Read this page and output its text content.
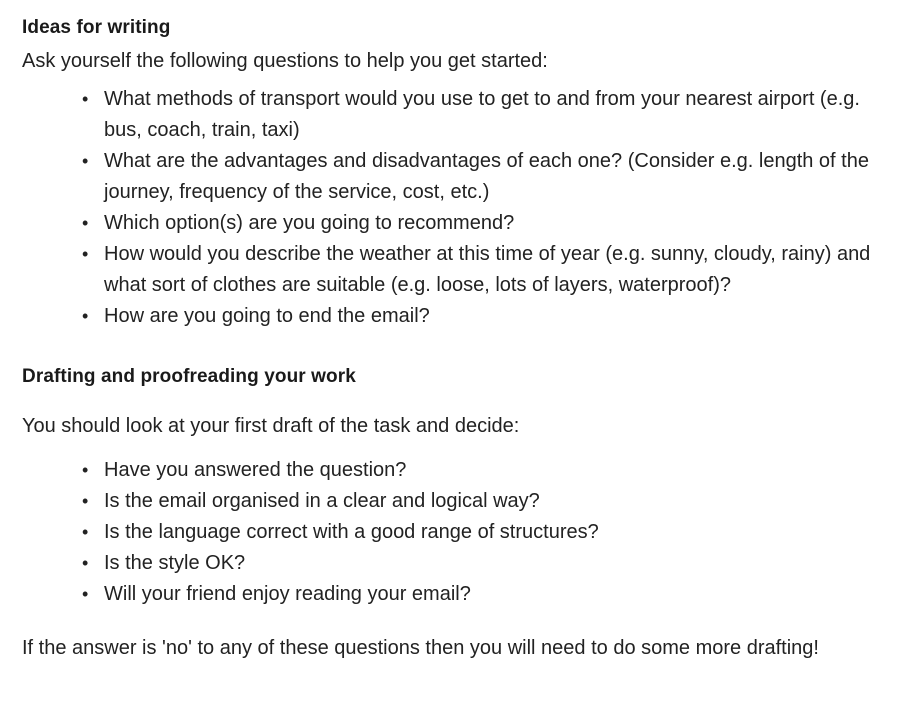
Ideas for writing

Ask yourself the following questions to help you get started:

• What methods of transport would you use to get to and from your nearest airport (e.g. bus, coach, train, taxi)
• What are the advantages and disadvantages of each one? (Consider e.g. length of the journey, frequency of the service, cost, etc.)
• Which option(s) are you going to recommend?
• How would you describe the weather at this time of year (e.g. sunny, cloudy, rainy) and what sort of clothes are suitable (e.g. loose, lots of layers, waterproof)?
• How are you going to end the email?
Drafting and proofreading your work

You should look at your first draft of the task and decide:

• Have you answered the question?
• Is the email organised in a clear and logical way?
• Is the language correct with a good range of structures?
• Is the style OK?
• Will your friend enjoy reading your email?

If the answer is 'no' to any of these questions then you will need to do some more drafting!
